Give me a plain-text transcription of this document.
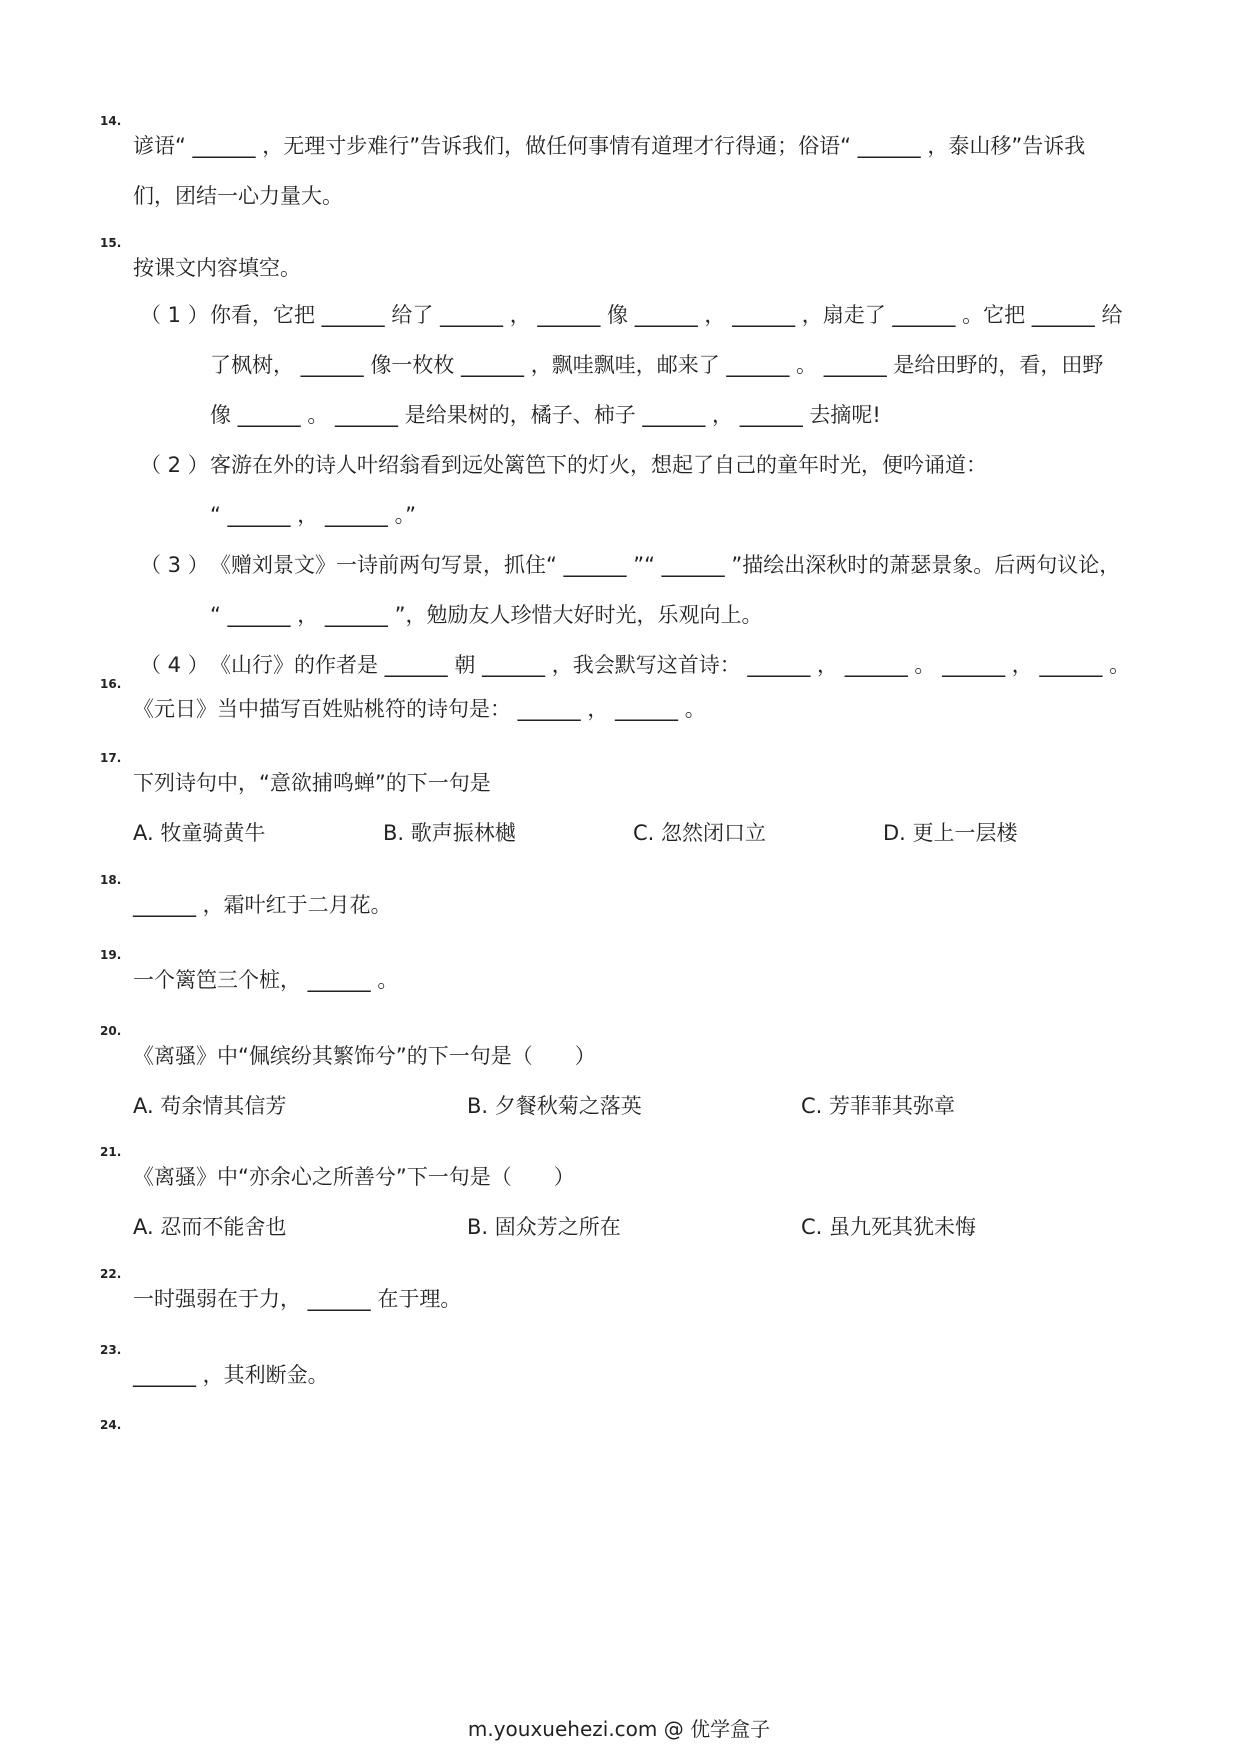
14.
谚语“ ______ ，无理寸步难行”告诉我们，做任何事情有道理才行得通；俗语“ ______ ，泰山移”告诉我
们，团结一心力量大。
15.
按课文内容填空。
（ 1 ）你看，它把 ______ 给了 ______ ， ______ 像 ______ ， ______ ，扇走了 ______ 。它把 ______ 给
了枫树， ______ 像一枚枚 ______ ，飘哇飘哇，邮来了 ______ 。 ______ 是给田野的，看，田野
像 ______ 。 ______ 是给果树的，橘子、柿子 ______ ， ______ 去摘呢!
（ 2 ）客游在外的诗人叶绍翁看到远处篱笆下的灯火，想起了自己的童年时光，便吟诵道：
“ ______ ， ______ 。”
（ 3 ）《赠刘景文》一诗前两句写景，抓住“ ______ ”“ ______ ”描绘出深秋时的萧瑟景象。后两句议论，
“ ______ ， ______ ”，勉励友人珍惜大好时光，乐观向上。
（ 4 ）《山行》的作者是 ______ 朝 ______ ，我会默写这首诗： ______ ， ______ 。 ______ ， ______ 。
16.
《元日》当中描写百姓贴桃符的诗句是： ______ ， ______ 。
17.
下列诗句中，“意欲捕鸣蝉”的下一句是
A. 牧童骑黄牛	B. 歌声振林樾	C. 忽然闭口立	D. 更上一层楼
18.
______ ，霜叶红于二月花。
19.
一个篱笆三个桩， ______ 。
20.
《离骚》中“佩缤纷其繁饰兮”的下一句是（　　）
A. 苟余情其信芳	B. 夕餐秋菊之落英	C. 芳菲菲其弥章
21.
《离骚》中“亦余心之所善兮”下一句是（　　）
A. 忍而不能舍也	B. 固众芳之所在	C. 虽九死其犹未悔
22.
一时强弱在于力， ______ 在于理。
23.
______ ，其利断金。
24.
m.youxuehezi.com @ 优学盒子
